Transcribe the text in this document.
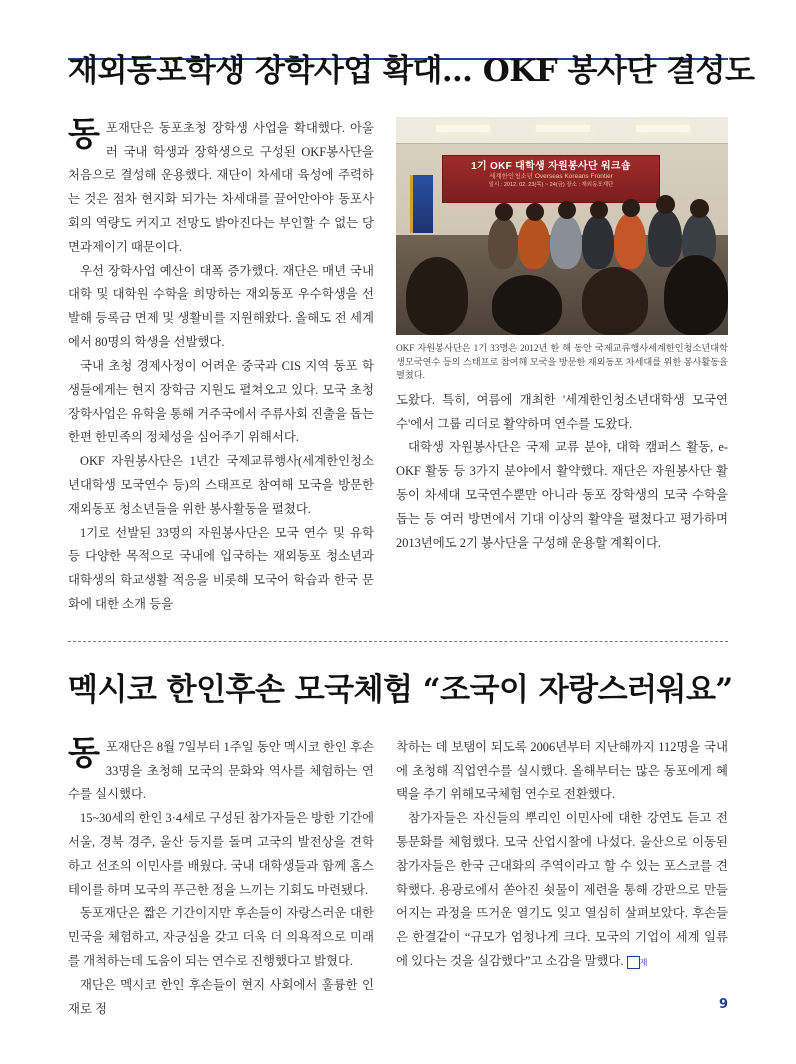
재외동포학생 장학사업 확대… OKF 봉사단 결성도

동포재단은 동포초청 장학생 사업을 확대했다. 아울러 국내 학생과 장학생으로 구성된 OKF봉사단을 처음으로 결성해 운용했다. 재단이 차세대 육성에 주력하는 것은 점차 현지화 되가는 차세대를 끌어안아야 동포사회의 역량도 커지고 전망도 밝아진다는 부인할 수 없는 당면과제이기 때문이다.

우선 장학사업 예산이 대폭 증가했다. 재단은 매년 국내 대학 및 대학원 수학을 희망하는 재외동포 우수학생을 선발해 등록금 면제 및 생활비를 지원해왔다. 올해도 전 세계에서 80명의 학생을 선발했다.

국내 초청 경제사정이 어려운 중국과 CIS 지역 동포 학생들에게는 현지 장학금 지원도 펼쳐오고 있다. 모국 초청 장학사업은 유학을 통해 거주국에서 주류사회 진출을 돕는 한편 한민족의 정체성을 심어주기 위해서다.

OKF 자원봉사단은 1년간 국제교류행사(세계한인청소년대학생 모국연수 등)의 스태프로 참여해 모국을 방문한 재외동포 청소년들을 위한 봉사활동을 펼쳤다.

1기로 선발된 33명의 자원봉사단은 모국 연수 및 유학 등 다양한 목적으로 국내에 입국하는 재외동포 청소년과 대학생의 학교생활 적응을 비롯해 모국어 학습과 한국 문화에 대한 소개 등을

1기 OKF 대학생 자원봉사단 워크숍
세계한인청소년 Overseas Koreans Frontier
일시 : 2012. 02. 23(목) ~ 24(금) 장소 : 재외동포재단
OKF 자원봉사단은 1기 33명은 2012년 한 해 동안 국제교류행사세계한인청소년대학생모국연수 등의 스태프로 참여해 모국을 방문한 재외동포 차세대를 위한 봉사활동을 펼쳤다.

도왔다. 특히, 여름에 개최한 '세계한인청소년대학생 모국연수'에서 그룹 리더로 활약하며 연수를 도왔다.

대학생 자원봉사단은 국제 교류 분야, 대학 캠퍼스 활동, e-OKF 활동 등 3가지 분야에서 활약했다. 재단은 자원봉사단 활동이 차세대 모국연수뿐만 아니라 동포 장학생의 모국 수학을 돕는 등 여러 방면에서 기대 이상의 활약을 펼쳤다고 평가하며 2013년에도 2기 봉사단을 구성해 운용할 계획이다.

멕시코 한인후손 모국체험 “조국이 자랑스러워요”

동포재단은 8월 7일부터 1주일 동안 멕시코 한인 후손 33명을 초청해 모국의 문화와 역사를 체험하는 연수를 실시했다.

15~30세의 한인 3·4세로 구성된 참가자들은 방한 기간에 서울, 경북 경주, 울산 등지를 돌며 고국의 발전상을 견학하고 선조의 이민사를 배웠다. 국내 대학생들과 함께 홈스테이를 하며 모국의 푸근한 정을 느끼는 기회도 마련됐다.

동포재단은 짧은 기간이지만 후손들이 자랑스러운 대한민국을 체험하고, 자긍심을 갖고 더욱 더 의욕적으로 미래를 개척하는데 도움이 되는 연수로 진행했다고 밝혔다.

재단은 멕시코 한인 후손들이 현지 사회에서 훌륭한 인재로 정

착하는 데 보탬이 되도록 2006년부터 지난해까지 112명을 국내에 초청해 직업연수를 실시했다. 올해부터는 많은 동포에게 혜택을 주기 위해모국체험 연수로 전환했다.

참가자들은 자신들의 뿌리인 이민사에 대한 강연도 듣고 전통문화를 체험했다. 모국 산업시찰에 나섰다. 울산으로 이동된 참가자들은 한국 근대화의 주역이라고 할 수 있는 포스코를 견학했다. 용광로에서 쏟아진 쇳물이 제련을 통해 강판으로 만들어지는 과정을 뜨거운 열기도 잊고 열심히 살펴보았다. 후손들은 한결같이 “규모가 엄청나게 크다. 모국의 기업이 세계 일류에 있다는 것을 실감했다”고 소감을 말했다. 재

9
